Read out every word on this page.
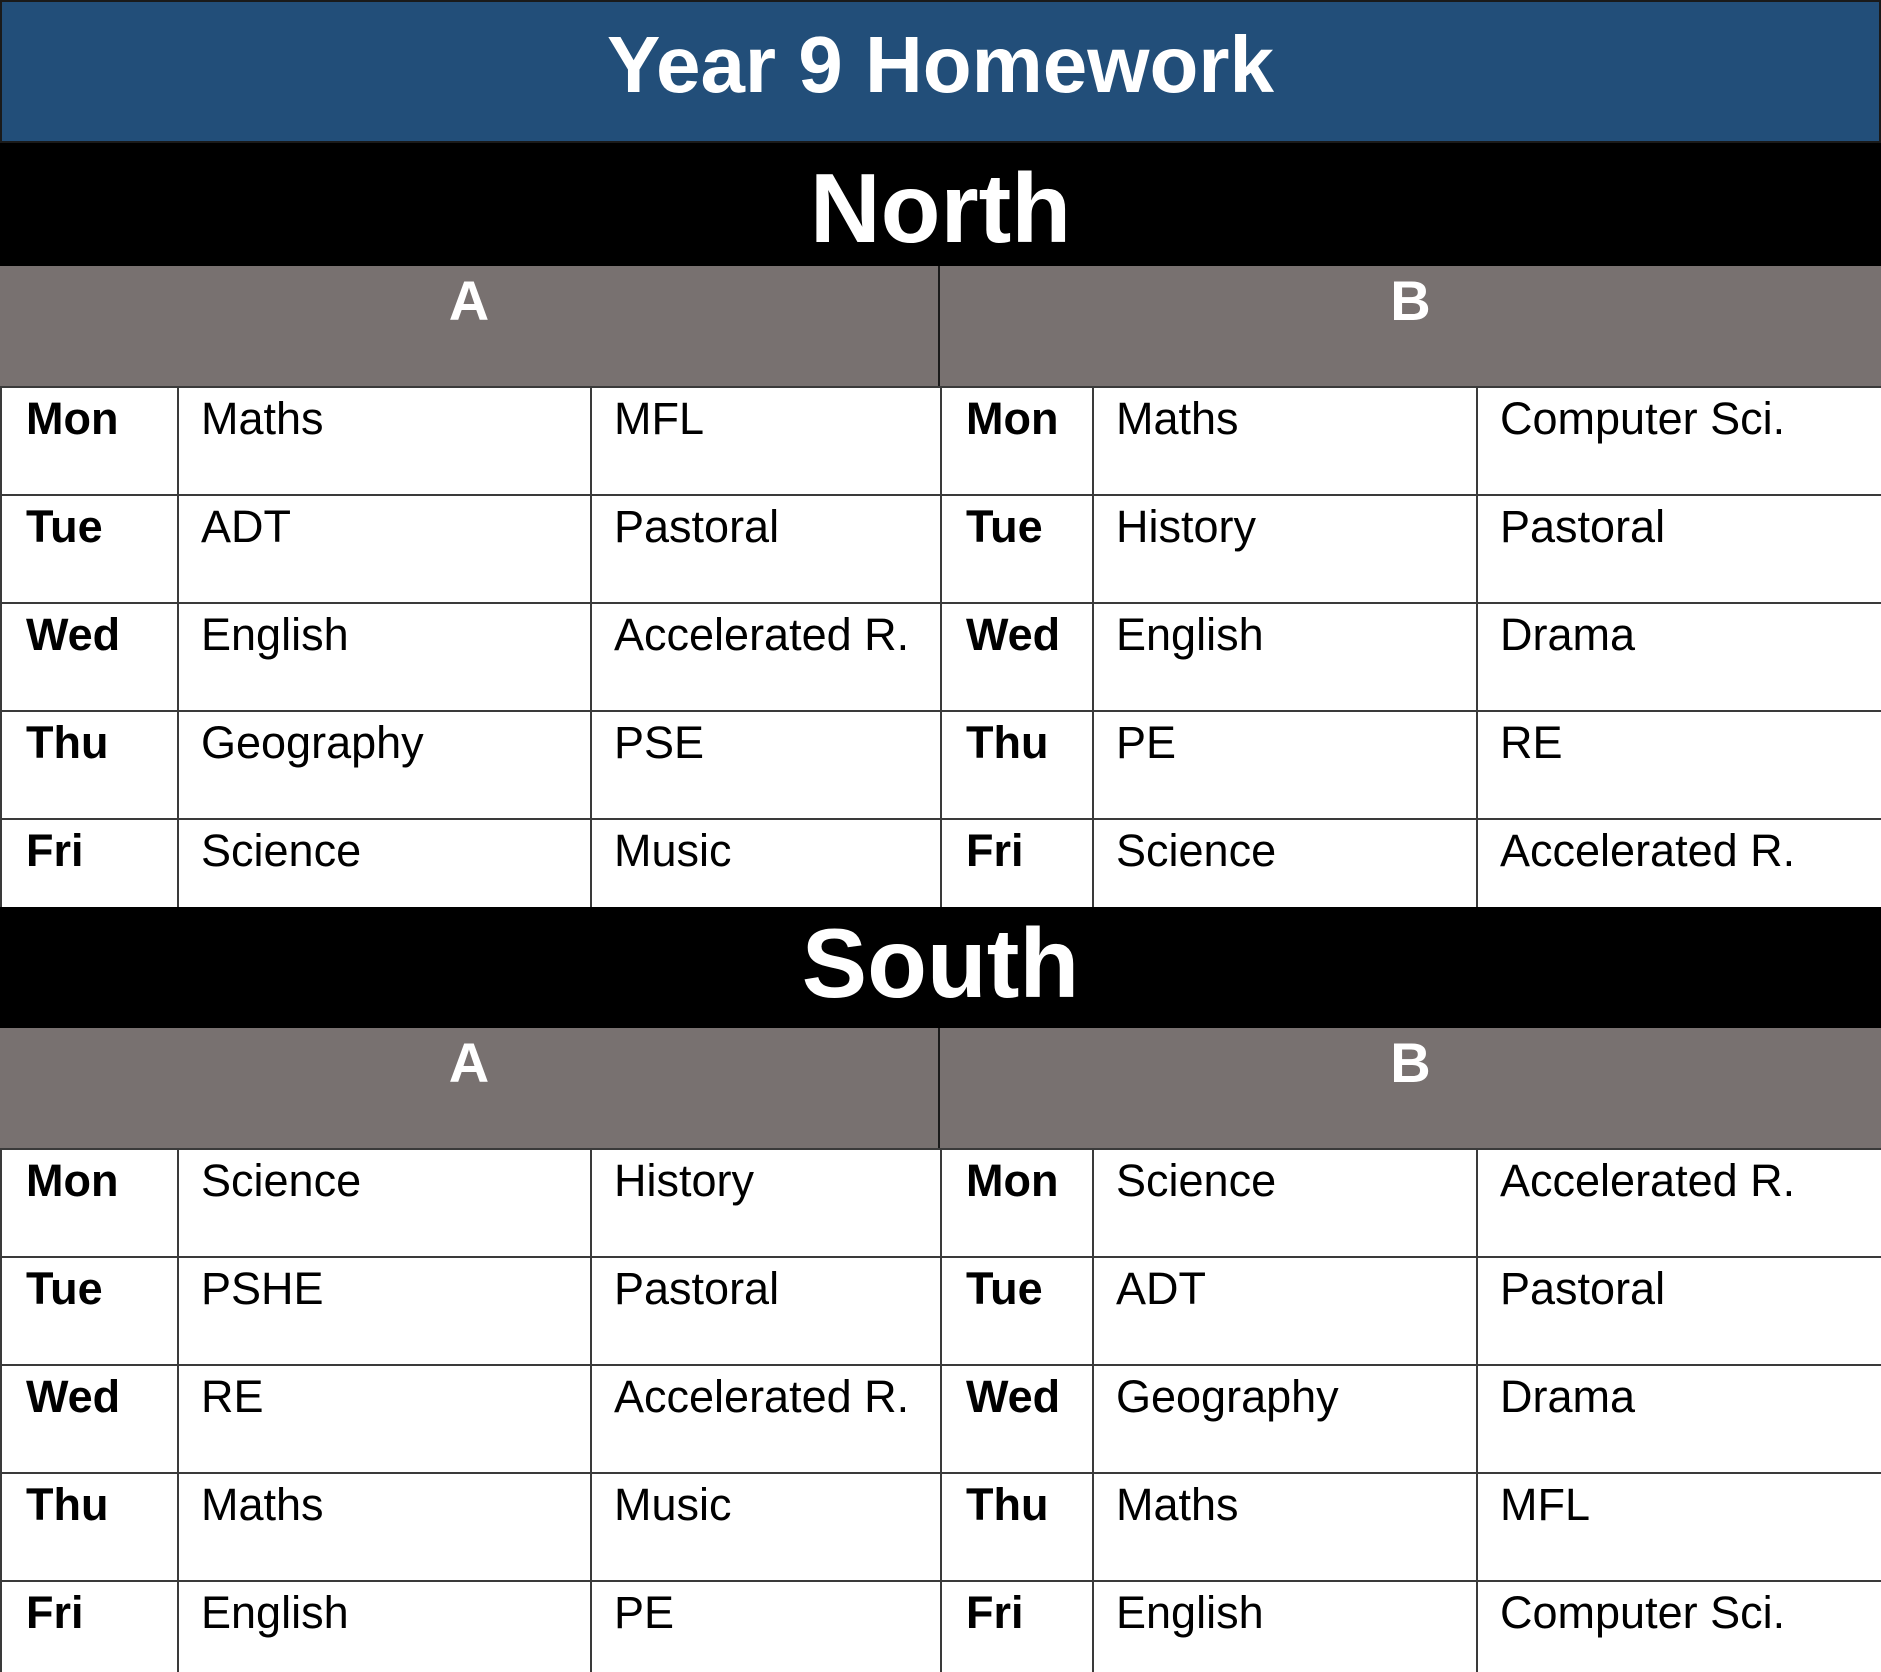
Year 9 Homework
North
A	B
Mon	Maths	MFL	Mon	Maths	Computer Sci.
Tue	ADT	Pastoral	Tue	History	Pastoral
Wed	English	Accelerated R.	Wed	English	Drama
Thu	Geography	PSE	Thu	PE	RE
Fri	Science	Music	Fri	Science	Accelerated R.
South
A	B
Mon	Science	History	Mon	Science	Accelerated R.
Tue	PSHE	Pastoral	Tue	ADT	Pastoral
Wed	RE	Accelerated R.	Wed	Geography	Drama
Thu	Maths	Music	Thu	Maths	MFL
Fri	English	PE	Fri	English	Computer Sci.
